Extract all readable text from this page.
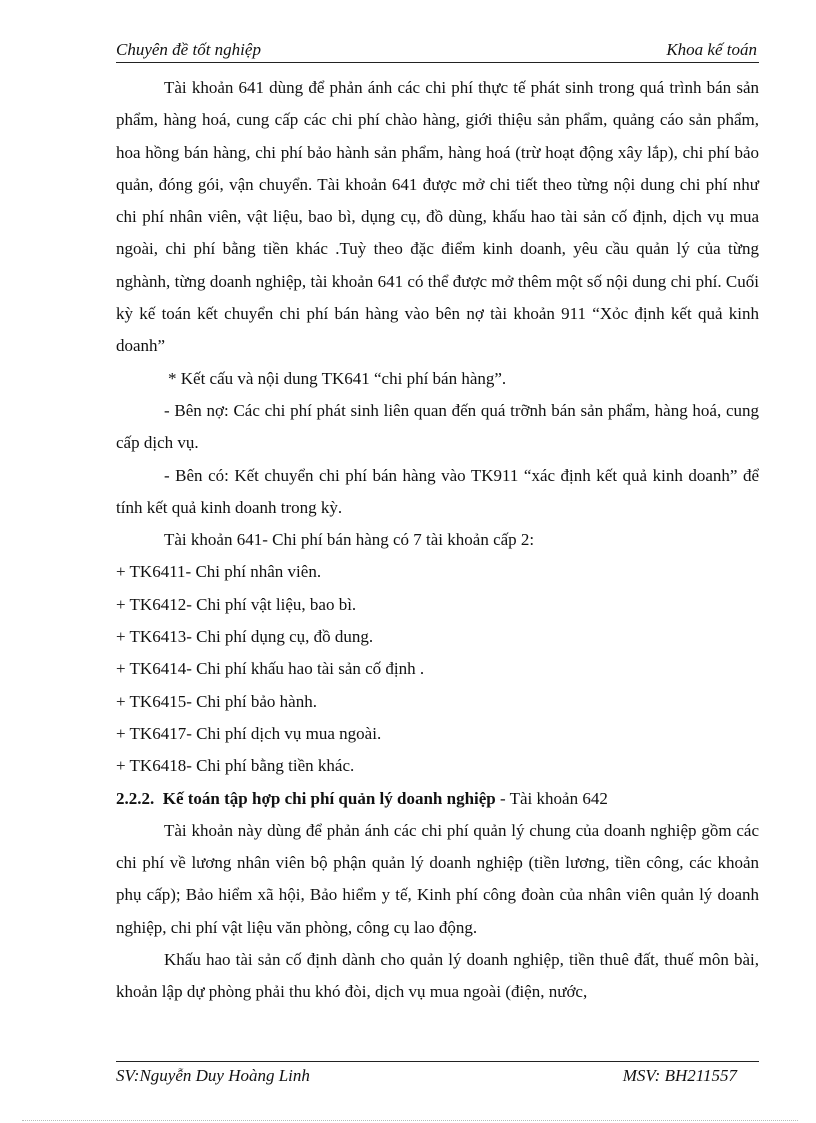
Chuyên đề tốt nghiệp	Khoa kế toán

Tài khoản 641 dùng để phản ánh các chi phí thực tế phát sinh trong quá trình bán sản phẩm, hàng hoá, cung cấp các chi phí chào hàng, giới thiệu sản phẩm, quảng cáo sản phẩm, hoa hồng bán hàng, chi phí bảo hành sản phẩm, hàng hoá (trừ hoạt động xây lắp), chi phí bảo quản, đóng gói, vận chuyển. Tài khoản 641 được mở chi tiết theo từng nội dung chi phí như chi phí nhân viên, vật liệu, bao bì, dụng cụ, đồ dùng, khấu hao tài sản cố định, dịch vụ mua ngoài, chi phí bằng tiền khác .Tuỳ theo đặc điểm kinh doanh, yêu cầu quản lý của từng nghành, từng doanh nghiệp, tài khoản 641 có thể được mở thêm một số nội dung chi phí. Cuối kỳ kế toán kết chuyển chi phí bán hàng vào bên nợ tài khoản 911 “Xỏc định kết quả kinh doanh”

* Kết cấu và nội dung TK641 “chi phí bán hàng”.

- Bên nợ: Các chi phí phát sinh liên quan đến quá trỡnh bán sản phẩm, hàng hoá, cung cấp dịch vụ.

- Bên có: Kết chuyển chi phí bán hàng vào TK911 “xác định kết quả kinh doanh” để tính kết quả kinh doanh trong kỳ.

Tài khoản 641- Chi phí bán hàng có 7 tài khoản cấp 2:

+ TK6411- Chi phí nhân viên.

+ TK6412- Chi phí vật liệu, bao bì.

+ TK6413- Chi phí dụng cụ, đồ dung.

+ TK6414- Chi phí khấu hao tài sản cố định .

+ TK6415- Chi phí bảo hành.

+ TK6417- Chi phí dịch vụ mua ngoài.

+ TK6418- Chi phí bằng tiền khác.

2.2.2. Kế toán tập hợp chi phí quản lý doanh nghiệp - Tài khoản 642

Tài khoản này dùng để phản ánh các chi phí quản lý chung của doanh nghiệp gồm các chi phí về lương nhân viên bộ phận quản lý doanh nghiệp (tiền lương, tiền công, các khoản phụ cấp); Bảo hiểm xã hội, Bảo hiểm y tế, Kinh phí công đoàn của nhân viên quản lý doanh nghiệp, chi phí vật liệu văn phòng, công cụ lao động.

Khấu hao tài sản cố định dành cho quản lý doanh nghiệp, tiền thuê đất, thuế môn bài, khoản lập dự phòng phải thu khó đòi, dịch vụ mua ngoài (điện, nước,

SV:Nguyễn Duy Hoàng Linh	MSV: BH211557
